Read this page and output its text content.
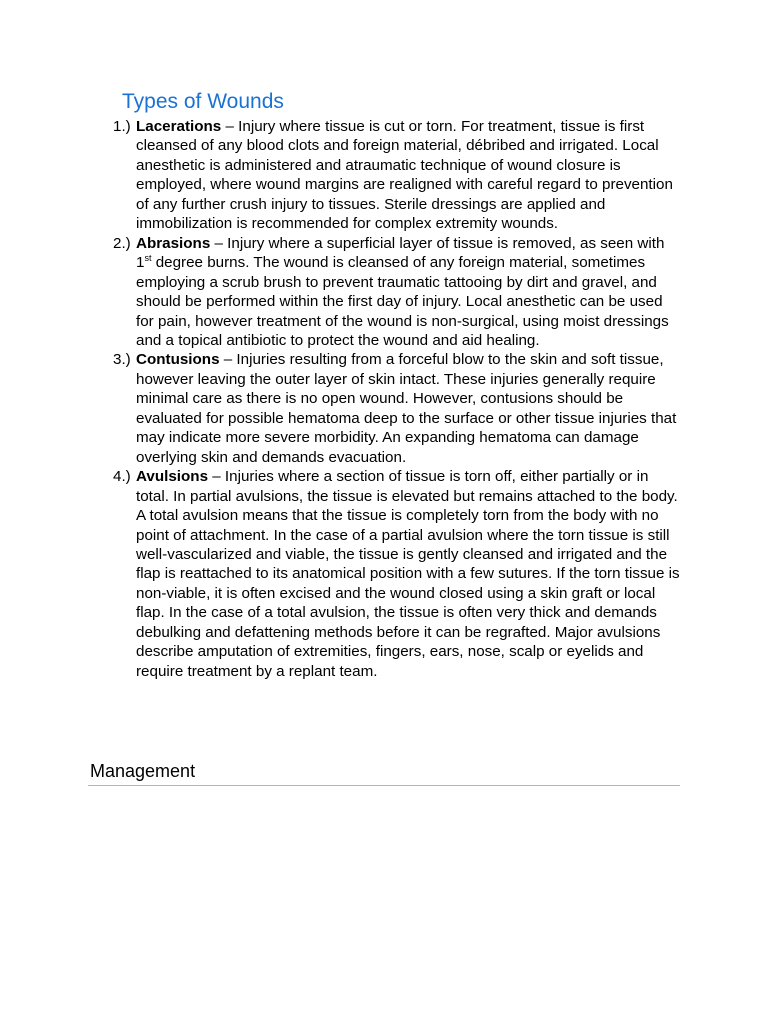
Types of Wounds
1.) Lacerations – Injury where tissue is cut or torn. For treatment, tissue is first cleansed of any blood clots and foreign material, débribed and irrigated. Local anesthetic is administered and atraumatic technique of wound closure is employed, where wound margins are realigned with careful regard to prevention of any further crush injury to tissues. Sterile dressings are applied and immobilization is recommended for complex extremity wounds.
2.) Abrasions – Injury where a superficial layer of tissue is removed, as seen with 1st degree burns. The wound is cleansed of any foreign material, sometimes employing a scrub brush to prevent traumatic tattooing by dirt and gravel, and should be performed within the first day of injury. Local anesthetic can be used for pain, however treatment of the wound is non-surgical, using moist dressings and a topical antibiotic to protect the wound and aid healing.
3.) Contusions – Injuries resulting from a forceful blow to the skin and soft tissue, however leaving the outer layer of skin intact. These injuries generally require minimal care as there is no open wound. However, contusions should be evaluated for possible hematoma deep to the surface or other tissue injuries that may indicate more severe morbidity. An expanding hematoma can damage overlying skin and demands evacuation.
4.) Avulsions – Injuries where a section of tissue is torn off, either partially or in total. In partial avulsions, the tissue is elevated but remains attached to the body. A total avulsion means that the tissue is completely torn from the body with no point of attachment. In the case of a partial avulsion where the torn tissue is still well-vascularized and viable, the tissue is gently cleansed and irrigated and the flap is reattached to its anatomical position with a few sutures. If the torn tissue is non-viable, it is often excised and the wound closed using a skin graft or local flap. In the case of a total avulsion, the tissue is often very thick and demands debulking and defattening methods before it can be regrafted. Major avulsions describe amputation of extremities, fingers, ears, nose, scalp or eyelids and require treatment by a replant team.
Management
